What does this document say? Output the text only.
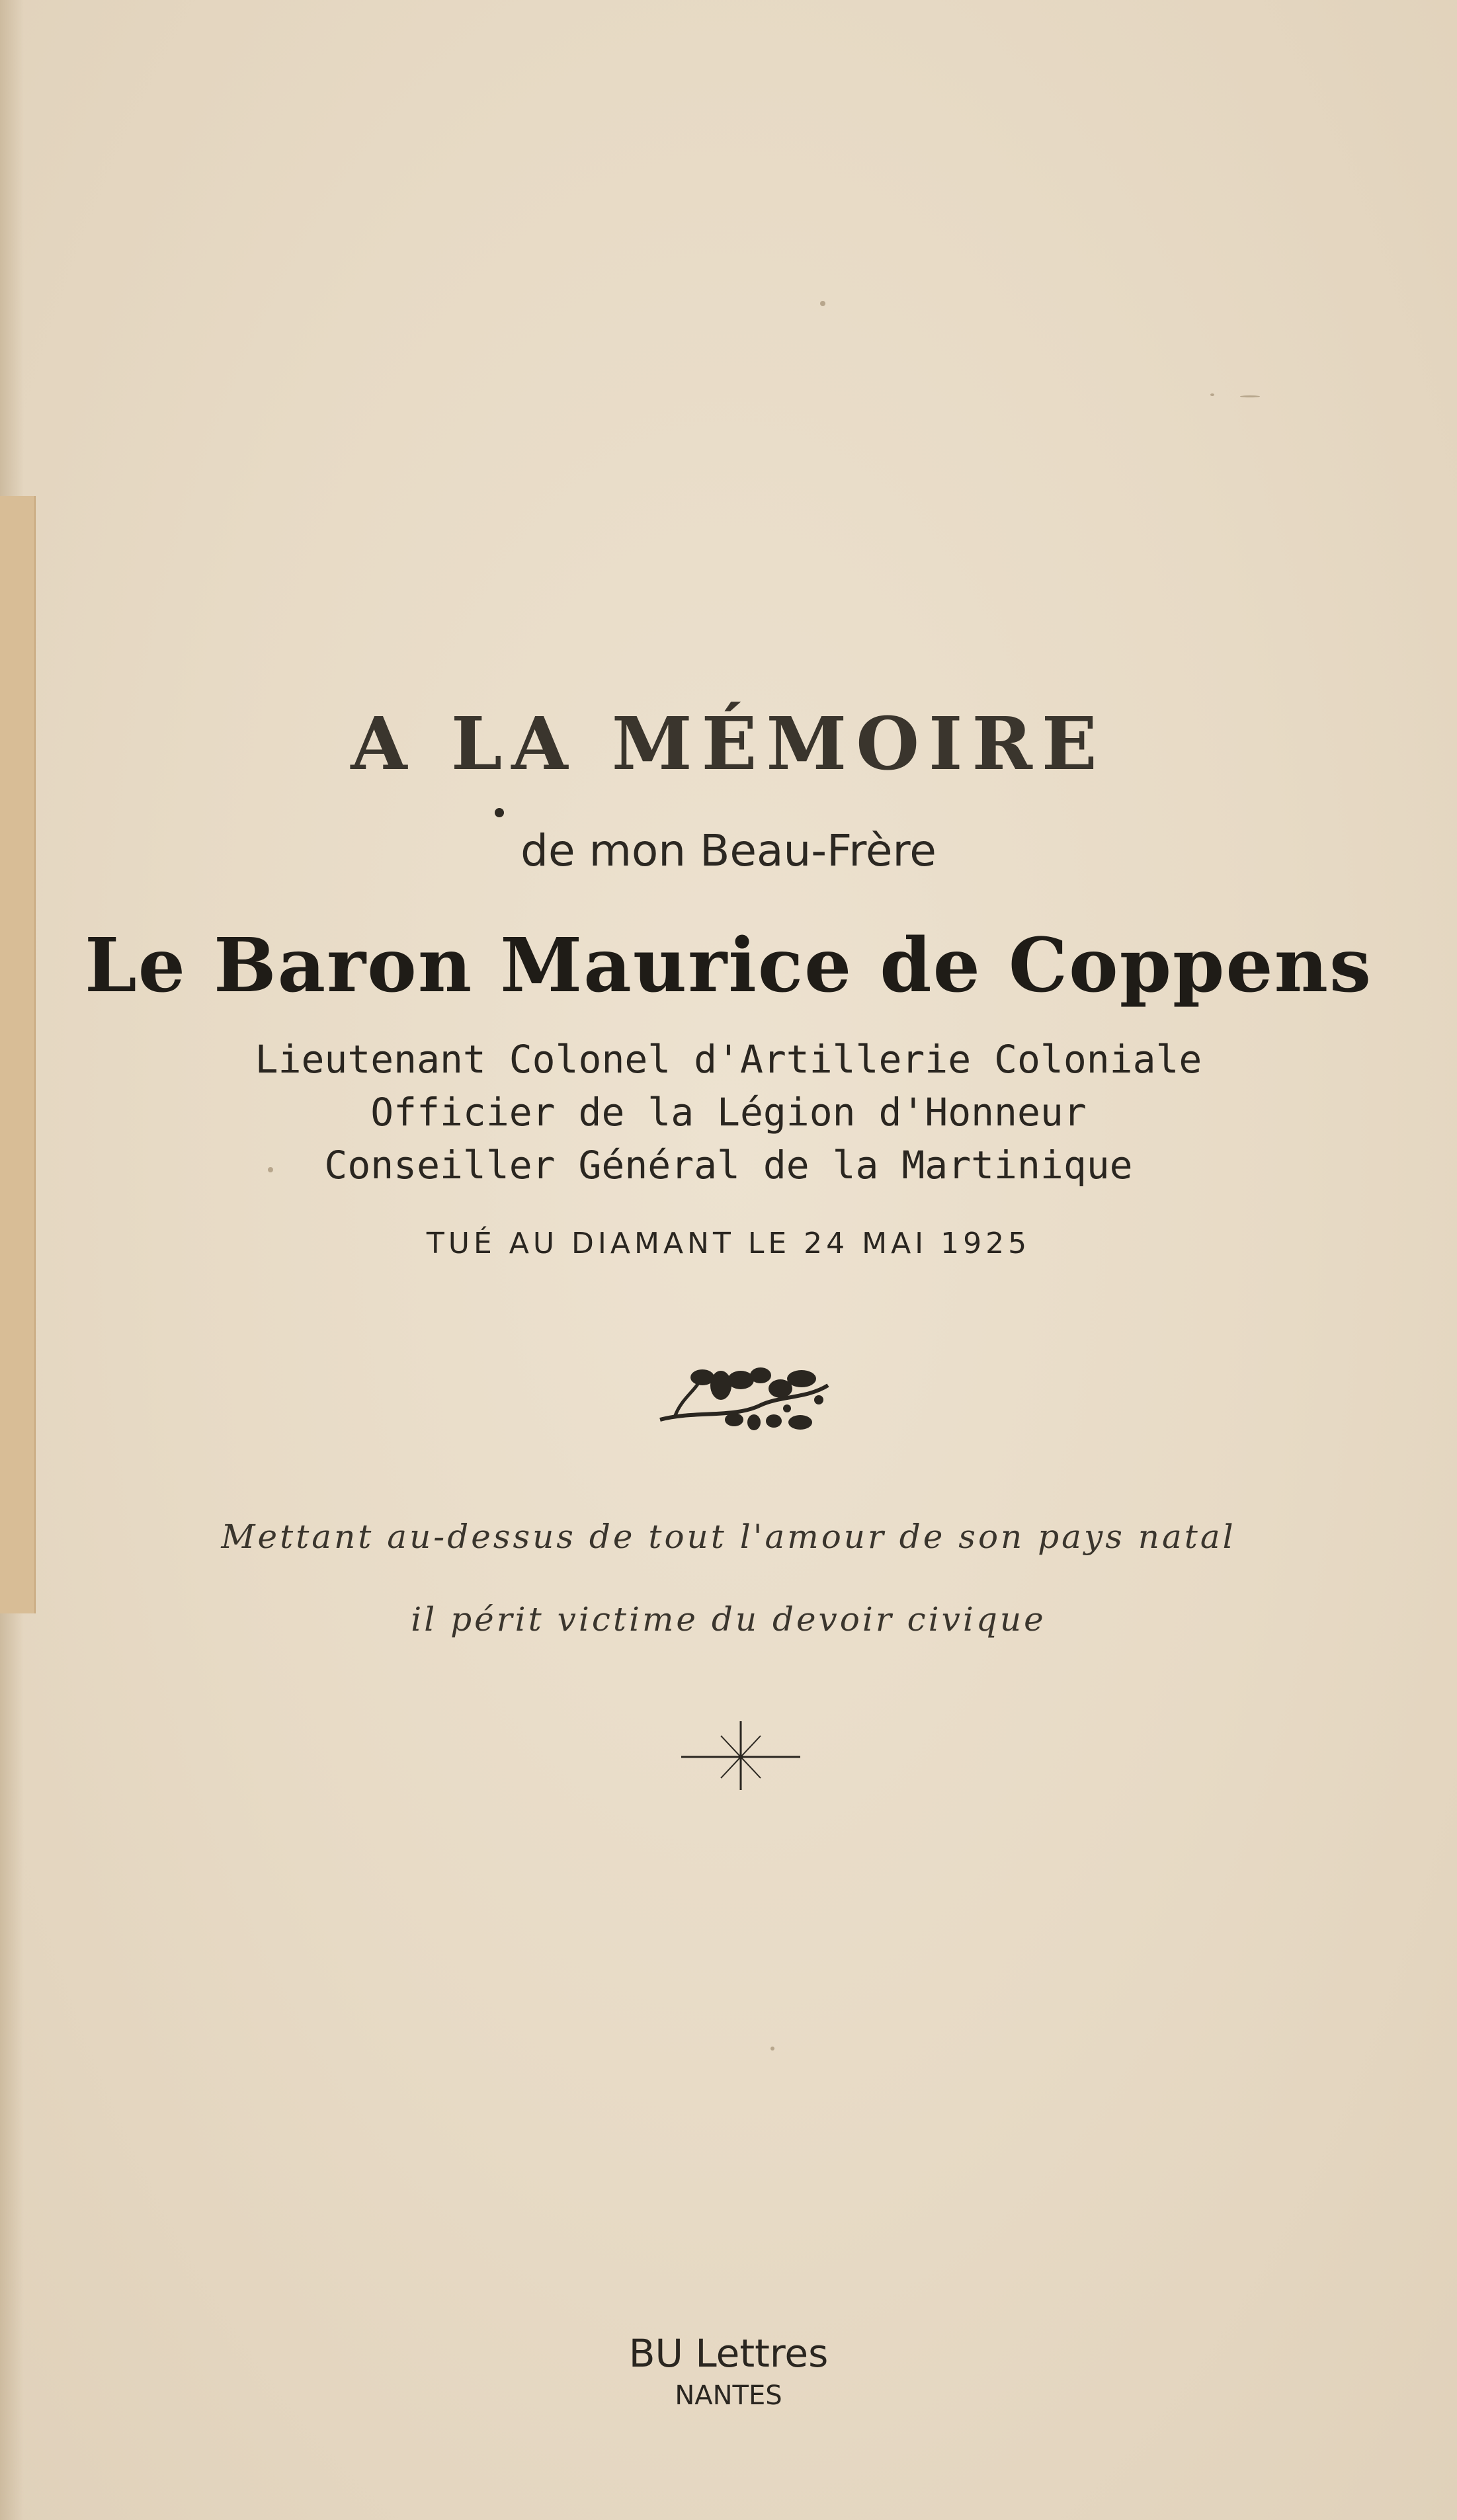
A LA MÉMOIRE
de mon Beau-Frère
Le Baron Maurice de Coppens
Lieutenant Colonel d'Artillerie Coloniale
Officier de la Légion d'Honneur
Conseiller Général de la Martinique
TUÉ AU DIAMANT LE 24 MAI 1925
Mettant au-dessus de tout l'amour de son pays natal
il périt victime du devoir civique
BU Lettres
NANTES
